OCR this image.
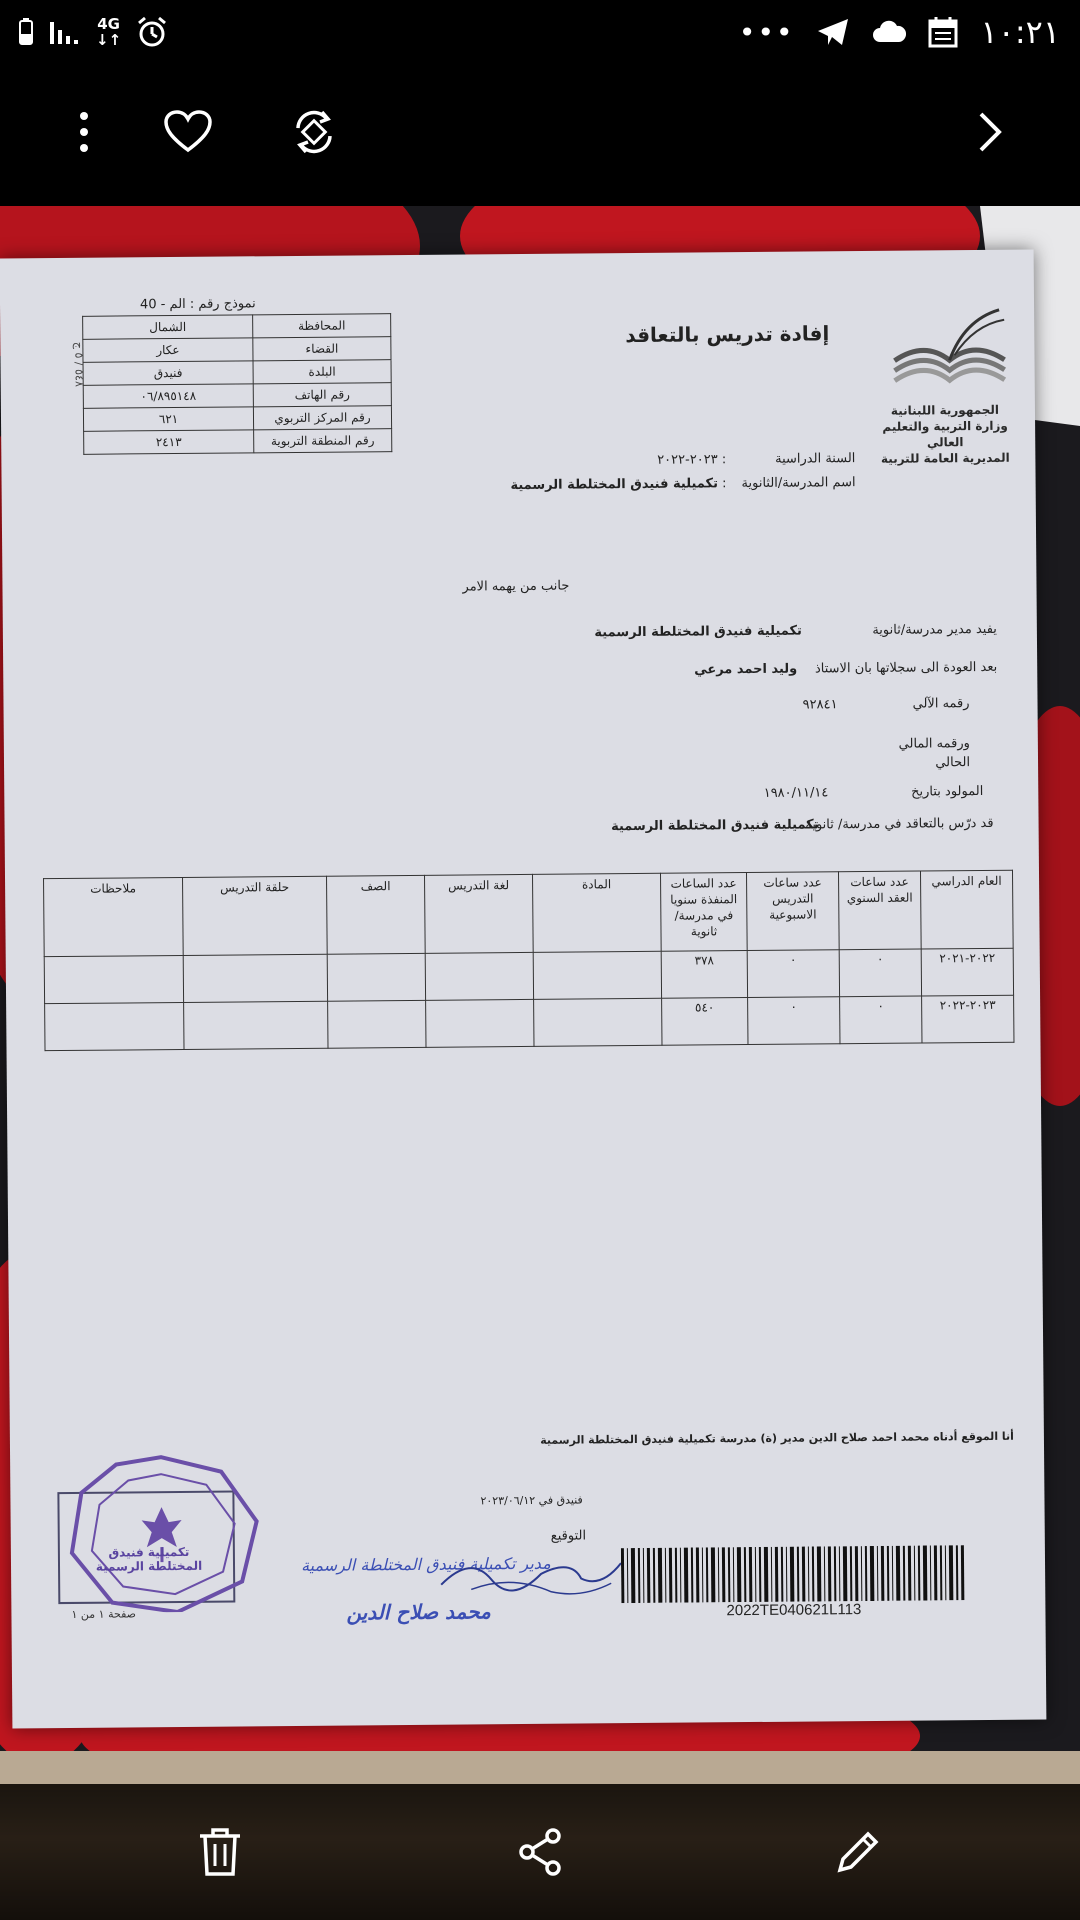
4G
↓↑	•••	١٠:٢١
الجمهورية اللبنانية
وزارة التربية والتعليم العالي
المديرية العامة للتربية
إفادة تدريس بالتعاقد
نموذج رقم : الم - 40
المحافظة	الشمال
القضاء	عكار
البلدة	فنيدق
رقم الهاتف	٠٦/٨٩٥١٤٨
رقم المركز التربوي	٦٢١
رقم المنطقة التربوية	٢٤١٣
٥٤٨ / ٥ ج
السنة الدراسية : ٢٠٢٣-٢٠٢٢
اسم المدرسة/الثانوية : تكميلية فنيدق المختلطة الرسمية
جانب من يهمه الامر
يفيد مدير مدرسة/ثانوية
تكميلية فنيدق المختلطة الرسمية
بعد العودة الى سجلاتها بان الاستاذ
وليد احمد مرعي
رقمه الآلي
٩٢٨٤١
ورقمه المالي الحالي
المولود بتاريخ
١٩٨٠/١١/١٤
قد درّس بالتعاقد في مدرسة/ ثانوية
تكميلية فنيدق المختلطة الرسمية
العام الدراسي	عدد ساعات العقد السنوي	عدد ساعات التدريس الاسبوعية	عدد الساعات المنفذة سنويا في مدرسة/ثانوية	المادة	لغة التدريس	الصف	حلقة التدريس	ملاحظات
٢٠٢٢-٢٠٢١	٠	٠	٣٧٨					
٢٠٢٣-٢٠٢٢	٠	٠	٥٤٠					
أنا الموقع أدناه محمد احمد صلاح الدين مدير (ة) مدرسة تكميلية فنيدق المختلطة الرسمية
فنيدق في ٢٠٢٣/٠٦/١٢
التوقيع
مدير تكميلية فنيدق المختلطة الرسمية
محمد صلاح الدين	2022TE040621L113
تكميلية فنيدق المختلطة الرسمية
صفحة ١ من ١
